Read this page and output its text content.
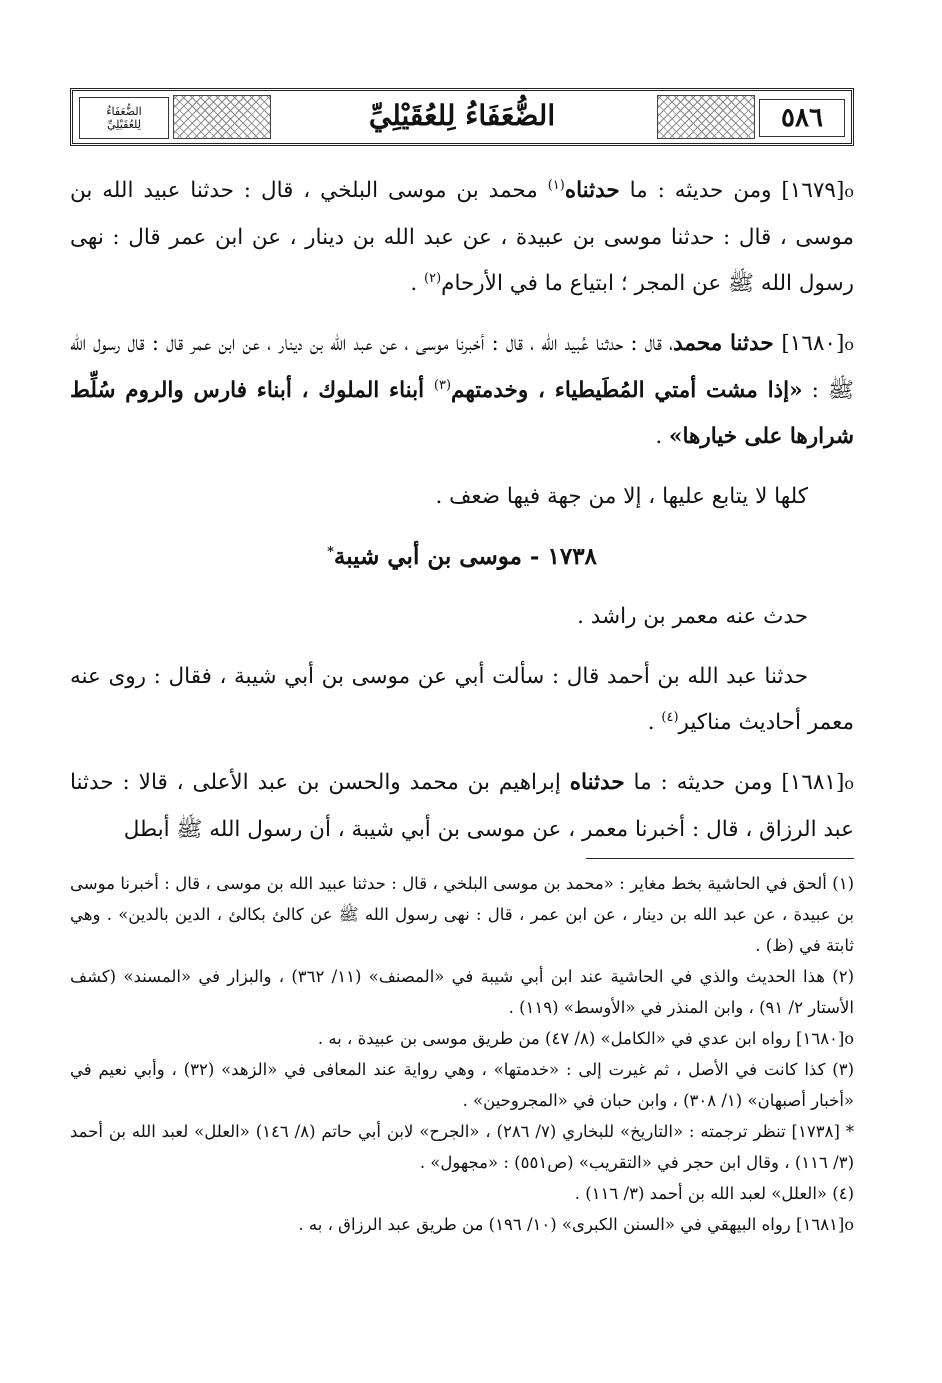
٥٨٦
الضُّعَفَاءُ لِلعُقَيْلِيِّ
الضُّعَفَاءُ
لِلعُقَيْلِيِّ

o[١٦٧٩] ومن حديثه : ما حدثناه$^{(١)}$ محمد بن موسى البلخي ، قال : حدثنا عبيد الله بن موسى ، قال : حدثنا موسى بن عبيدة ، عن عبد الله بن دينار ، عن ابن عمر قال : نهى رسول الله ﷺ عن المجر ؛ ابتياع ما في الأرحام$^{(٢)}$ .

o[١٦٨٠] حدثنا محمد، قال : حدثنا عُبيد الله ، قال : أخبرنا موسى ، عن عبد الله بن دينار ، عن ابن عمر قال : قال رسول الله ﷺ : «إذا مشت أمتي المُطَيطياء ، وخدمتهم$^{(٣)}$ أبناء الملوك ، أبناء فارس والروم سُلِّط شرارها على خيارها» .

كلها لا يتابع عليها ، إلا من جهة فيها ضعف .

١٧٣٨ - موسى بن أبي شيبة*

حدث عنه معمر بن راشد .

حدثنا عبد الله بن أحمد قال : سألت أبي عن موسى بن أبي شيبة ، فقال : روى عنه معمر أحاديث مناكير$^{(٤)}$ .

o[١٦٨١] ومن حديثه : ما حدثناه إبراهيم بن محمد والحسن بن عبد الأعلى ، قالا : حدثنا عبد الرزاق ، قال : أخبرنا معمر ، عن موسى بن أبي شيبة ، أن رسول الله ﷺ أبطل

(١) ألحق في الحاشية بخط مغاير : «محمد بن موسى البلخي ، قال : حدثنا عبيد الله بن موسى ، قال : أخبرنا موسى بن عبيدة ، عن عبد الله بن دينار ، عن ابن عمر ، قال : نهى رسول الله ﷺ عن كالئ بكالئ ، الدين بالدين» . وهي ثابتة في (ظ) .

(٢) هذا الحديث والذي في الحاشية عند ابن أبي شيبة في «المصنف» (١١/ ٣٦٢) ، والبزار في «المسند» (كشف الأستار ٢/ ٩١) ، وابن المنذر في «الأوسط» (١١٩) .

o[١٦٨٠] رواه ابن عدي في «الكامل» (٨/ ٤٧) من طريق موسى بن عبيدة ، به .

(٣) كذا كانت في الأصل ، ثم غيرت إلى : «خدمتها» ، وهي رواية عند المعافى في «الزهد» (٣٢) ، وأبي نعيم في «أخبار أصبهان» (١/ ٣٠٨) ، وابن حبان في «المجروحين» .

* [١٧٣٨] تنظر ترجمته : «التاريخ» للبخاري (٧/ ٢٨٦) ، «الجرح» لابن أبي حاتم (٨/ ١٤٦) «العلل» لعبد الله بن أحمد (٣/ ١١٦) ، وقال ابن حجر في «التقريب» (ص٥٥١) : «مجهول» .

(٤) «العلل» لعبد الله بن أحمد (٣/ ١١٦) .

o[١٦٨١] رواه البيهقي في «السنن الكبرى» (١٠/ ١٩٦) من طريق عبد الرزاق ، به .
